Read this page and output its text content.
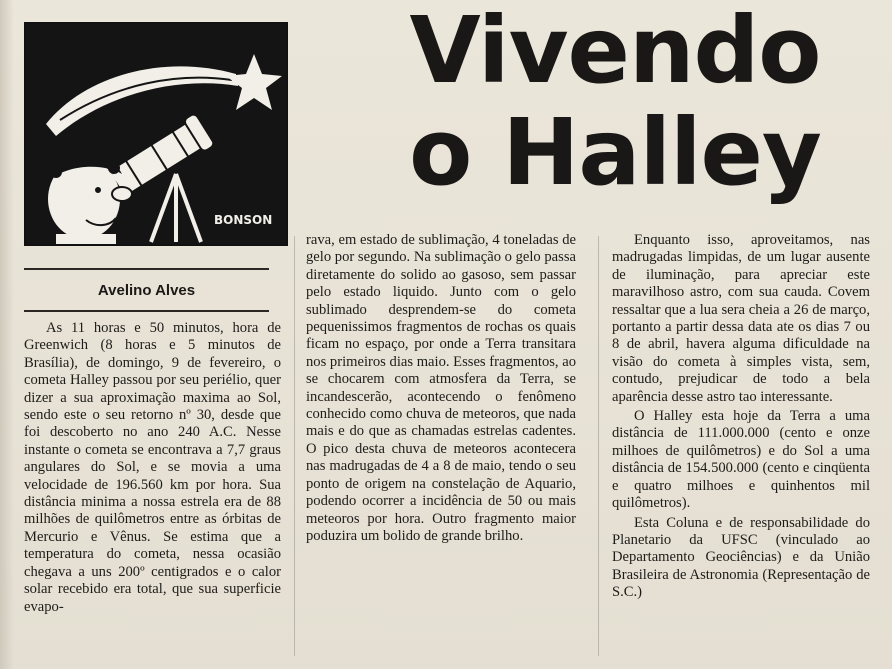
BONSON
Vivendo
o Halley
Avelino Alves

As 11 horas e 50 minutos, hora de Greenwich (8 horas e 5 minutos de Brasília), de domingo, 9 de fevereiro, o cometa Halley passou por seu periélio, quer dizer a sua aproximação maxima ao Sol, sendo este o seu retorno nº 30, desde que foi descoberto no ano 240 A.C. Nesse instante o cometa se encontrava a 7,7 graus angulares do Sol, e se movia a uma velocidade de 196.560 km por hora. Sua distância minima a nossa estrela era de 88 milhões de quilômetros entre as órbitas de Mercurio e Vênus. Se estima que a temperatura do cometa, nessa ocasião chegava a uns 200º centigrados e o calor solar recebido era total, que sua superficie evapo-

rava, em estado de sublimação, 4 toneladas de gelo por segundo. Na sublimação o gelo passa diretamente do solido ao gasoso, sem passar pelo estado liquido. Junto com o gelo sublimado desprendem-se do cometa pequenissimos fragmentos de rochas os quais ficam no espaço, por onde a Terra transitara nos primeiros dias maio. Esses fragmentos, ao se chocarem com atmosfera da Terra, se incandescerão, acontecendo o fenômeno conhecido como chuva de meteoros, que nada mais e do que as chamadas estrelas cadentes. O pico desta chuva de meteoros acontecera nas madrugadas de 4 a 8 de maio, tendo o seu ponto de origem na constelação de Aquario, podendo ocorrer a incidência de 50 ou mais meteoros por hora. Outro fragmento maior poduzira um bolido de grande brilho.

Enquanto isso, aproveitamos, nas madrugadas limpidas, de um lugar ausente de iluminação, para apreciar este maravilhoso astro, com sua cauda. Covem ressaltar que a lua sera cheia a 26 de março, portanto a partir dessa data ate os dias 7 ou 8 de abril, havera alguma dificuldade na visão do cometa à simples vista, sem, contudo, prejudicar de todo a bela aparência desse astro tao interessante.

O Halley esta hoje da Terra a uma distância de 111.000.000 (cento e onze milhoes de quilômetros) e do Sol a uma distância de 154.500.000 (cento e cinqüenta e quatro milhoes e quinhentos mil quilômetros).

Esta Coluna e de responsabilidade do Planetario da UFSC (vinculado ao Departamento Geociências) e da União Brasileira de Astronomia (Representação de S.C.)
